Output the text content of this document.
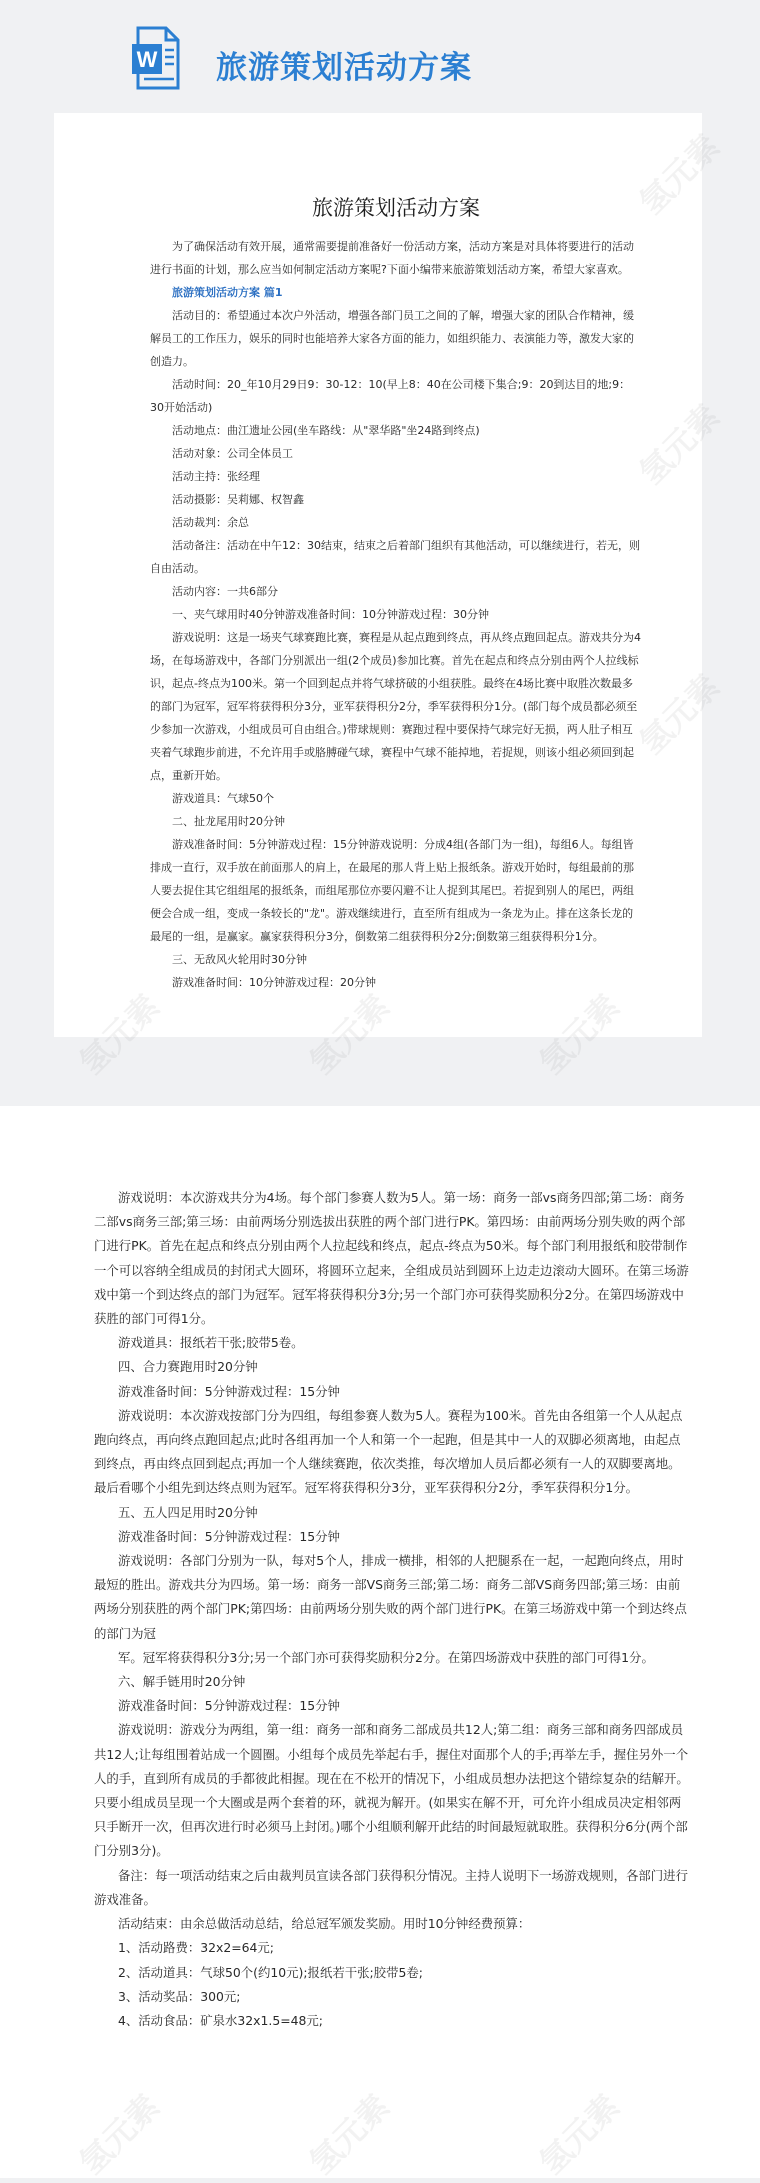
W 旅游策划活动方案
旅游策划活动方案

为了确保活动有效开展，通常需要提前准备好一份活动方案，活动方案是对具体将要进行的活动进行书面的计划，那么应当如何制定活动方案呢?下面小编带来旅游策划活动方案，希望大家喜欢。

旅游策划活动方案 篇1

活动目的：希望通过本次户外活动，增强各部门员工之间的了解，增强大家的团队合作精神，缓解员工的工作压力，娱乐的同时也能培养大家各方面的能力，如组织能力、表演能力等，激发大家的创造力。

活动时间：20_年10月29日9：30-12：10(早上8：40在公司楼下集合;9：20到达目的地;9：30开始活动)

活动地点：曲江遗址公园(坐车路线：从"翠华路"坐24路到终点)

活动对象：公司全体员工

活动主持：张经理

活动摄影：吴莉娜、权智鑫

活动裁判：余总

活动备注：活动在中午12：30结束，结束之后着部门组织有其他活动，可以继续进行，若无，则自由活动。

活动内容：一共6部分

一、夹气球用时40分钟游戏准备时间：10分钟游戏过程：30分钟

游戏说明：这是一场夹气球赛跑比赛，赛程是从起点跑到终点，再从终点跑回起点。游戏共分为4场，在每场游戏中，各部门分别派出一组(2个成员)参加比赛。首先在起点和终点分别由两个人拉线标识，起点-终点为100米。第一个回到起点并将气球挤破的小组获胜。最终在4场比赛中取胜次数最多的部门为冠军，冠军将获得积分3分，亚军获得积分2分，季军获得积分1分。(部门每个成员都必须至少参加一次游戏，小组成员可自由组合。)带球规则：赛跑过程中要保持气球完好无损，两人肚子相互夹着气球跑步前进，不允许用手或胳膊碰气球，赛程中气球不能掉地，若捉规，则该小组必须回到起点，重新开始。

游戏道具：气球50个

二、扯龙尾用时20分钟

游戏准备时间：5分钟游戏过程：15分钟游戏说明：分成4组(各部门为一组)，每组6人。每组皆排成一直行，双手放在前面那人的肩上，在最尾的那人背上贴上报纸条。游戏开始时，每组最前的那人要去捉住其它组组尾的报纸条，而组尾那位亦要闪避不让人捉到其尾巴。若捉到别人的尾巴，两组便会合成一组，变成一条较长的"龙"。游戏继续进行，直至所有组成为一条龙为止。排在这条长龙的最尾的一组，是赢家。赢家获得积分3分，倒数第二组获得积分2分;倒数第三组获得积分1分。

三、无敌风火轮用时30分钟

游戏准备时间：10分钟游戏过程：20分钟

游戏说明：本次游戏共分为4场。每个部门参赛人数为5人。第一场：商务一部vs商务四部;第二场：商务二部vs商务三部;第三场：由前两场分别选拔出获胜的两个部门进行PK。第四场：由前两场分别失败的两个部门进行PK。首先在起点和终点分别由两个人拉起线和终点，起点-终点为50米。每个部门利用报纸和胶带制作一个可以容纳全组成员的封闭式大圆环，将圆环立起来，全组成员站到圆环上边走边滚动大圆环。在第三场游戏中第一个到达终点的部门为冠军。冠军将获得积分3分;另一个部门亦可获得奖励积分2分。在第四场游戏中获胜的部门可得1分。

游戏道具：报纸若干张;胶带5卷。

四、合力赛跑用时20分钟

游戏准备时间：5分钟游戏过程：15分钟

游戏说明：本次游戏按部门分为四组，每组参赛人数为5人。赛程为100米。首先由各组第一个人从起点跑向终点，再向终点跑回起点;此时各组再加一个人和第一个一起跑，但是其中一人的双脚必须离地，由起点到终点，再由终点回到起点;再加一个人继续赛跑，依次类推，每次增加人员后都必须有一人的双脚要离地。最后看哪个小组先到达终点则为冠军。冠军将获得积分3分，亚军获得积分2分，季军获得积分1分。

五、五人四足用时20分钟

游戏准备时间：5分钟游戏过程：15分钟

游戏说明：各部门分别为一队，每对5个人，排成一横排，相邻的人把腿系在一起，一起跑向终点，用时最短的胜出。游戏共分为四场。第一场：商务一部VS商务三部;第二场：商务二部VS商务四部;第三场：由前两场分别获胜的两个部门PK;第四场：由前两场分别失败的两个部门进行PK。在第三场游戏中第一个到达终点的部门为冠

军。冠军将获得积分3分;另一个部门亦可获得奖励积分2分。在第四场游戏中获胜的部门可得1分。

六、解手链用时20分钟

游戏准备时间：5分钟游戏过程：15分钟

游戏说明：游戏分为两组，第一组：商务一部和商务二部成员共12人;第二组：商务三部和商务四部成员共12人;让每组围着站成一个圆圈。小组每个成员先举起右手，握住对面那个人的手;再举左手，握住另外一个人的手，直到所有成员的手都彼此相握。现在在不松开的情况下，小组成员想办法把这个错综复杂的结解开。只要小组成员呈现一个大圈或是两个套着的环，就视为解开。(如果实在解不开，可允许小组成员决定相邻两只手断开一次，但再次进行时必须马上封闭。)哪个小组顺利解开此结的时间最短就取胜。获得积分6分(两个部门分别3分)。

备注：每一项活动结束之后由裁判员宣读各部门获得积分情况。主持人说明下一场游戏规则，各部门进行游戏准备。

活动结束：由余总做活动总结，给总冠军颁发奖励。用时10分钟经费预算：

1、活动路费：32x2=64元;

2、活动道具：气球50个(约10元);报纸若干张;胶带5卷;

3、活动奖品：300元;

4、活动食品：矿泉水32x1.5=48元;
